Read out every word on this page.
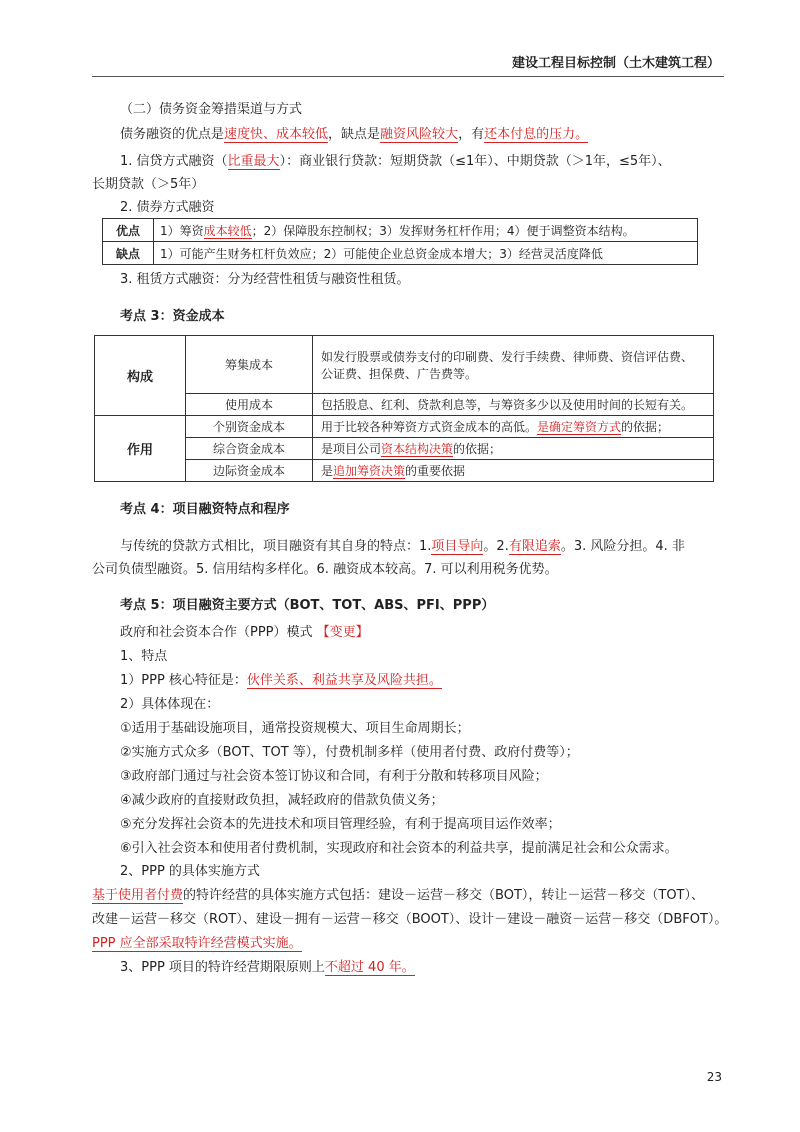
建设工程目标控制（土木建筑工程）
（二）债务资金筹措渠道与方式
债务融资的优点是速度快、成本较低，缺点是融资风险较大，有还本付息的压力。
1. 信贷方式融资（比重最大）：商业银行贷款：短期贷款（≤1年）、中期贷款（＞1年，≤5年）、
长期贷款（＞5年）
2. 债券方式融资
优点	1）筹资成本较低；2）保障股东控制权；3）发挥财务杠杆作用；4）便于调整资本结构。
缺点	1）可能产生财务杠杆负效应；2）可能使企业总资金成本增大；3）经营灵活度降低
3. 租赁方式融资：分为经营性租赁与融资性租赁。
考点 3：资金成本
构成	筹集成本	如发行股票或债券支付的印刷费、发行手续费、律师费、资信评估费、
公证费、担保费、广告费等。

	使用成本	包括股息、红利、贷款利息等，与筹资多少以及使用时间的长短有关。
作用	个别资金成本	用于比较各种筹资方式资金成本的高低。是确定筹资方式的依据；
	综合资金成本	是项目公司资本结构决策的依据；
	边际资金成本	是追加筹资决策的重要依据
考点 4：项目融资特点和程序
与传统的贷款方式相比，项目融资有其自身的特点：1.项目导向。2.有限追索。3. 风险分担。4. 非
公司负债型融资。5. 信用结构多样化。6. 融资成本较高。7. 可以利用税务优势。
考点 5：项目融资主要方式（BOT、TOT、ABS、PFI、PPP）
政府和社会资本合作（PPP）模式 【变更】
1、特点
1）PPP 核心特征是：伙伴关系、利益共享及风险共担。
2）具体体现在：
①适用于基础设施项目，通常投资规模大、项目生命周期长；
②实施方式众多（BOT、TOT 等），付费机制多样（使用者付费、政府付费等）；
③政府部门通过与社会资本签订协议和合同，有利于分散和转移项目风险；
④减少政府的直接财政负担，减轻政府的借款负债义务；
⑤充分发挥社会资本的先进技术和项目管理经验，有利于提高项目运作效率；
⑥引入社会资本和使用者付费机制，实现政府和社会资本的利益共享，提前满足社会和公众需求。
2、PPP 的具体实施方式
基于使用者付费的特许经营的具体实施方式包括：建设－运营－移交（BOT），转让－运营－移交（TOT）、
改建－运营－移交（ROT）、建设－拥有－运营－移交（BOOT）、设计－建设－融资－运营－移交（DBFOT）。
PPP 应全部采取特许经营模式实施。
3、PPP 项目的特许经营期限原则上不超过 40 年。
23
